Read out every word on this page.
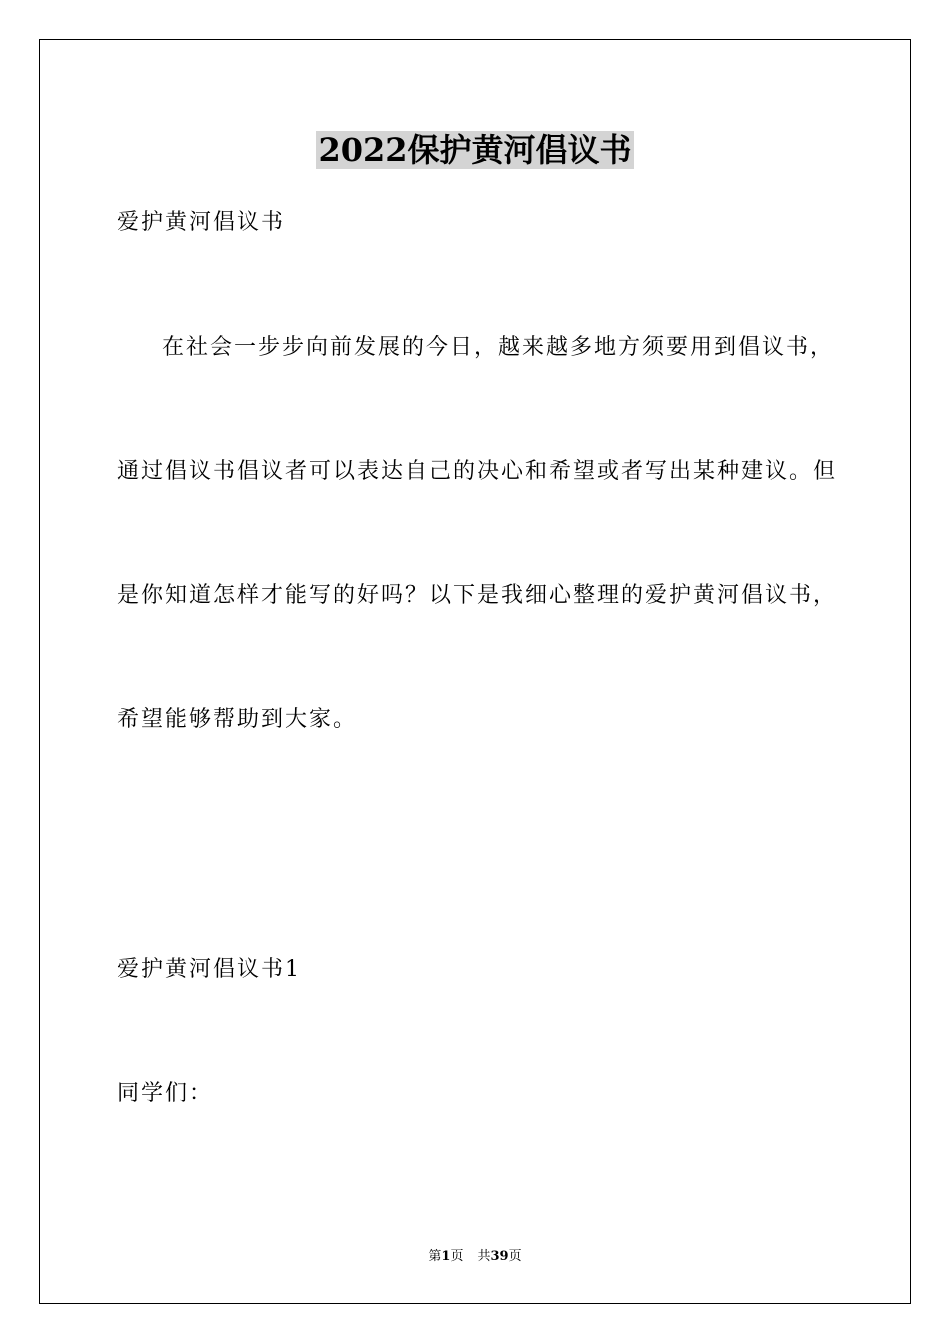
2022保护黄河倡议书
爱护黄河倡议书
在社会一步步向前发展的今日，越来越多地方须要用到倡议书，
通过倡议书倡议者可以表达自己的决心和希望或者写出某种建议。但
是你知道怎样才能写的好吗？以下是我细心整理的爱护黄河倡议书，
希望能够帮助到大家。
爱护黄河倡议书1
同学们：
第1页 共39页
